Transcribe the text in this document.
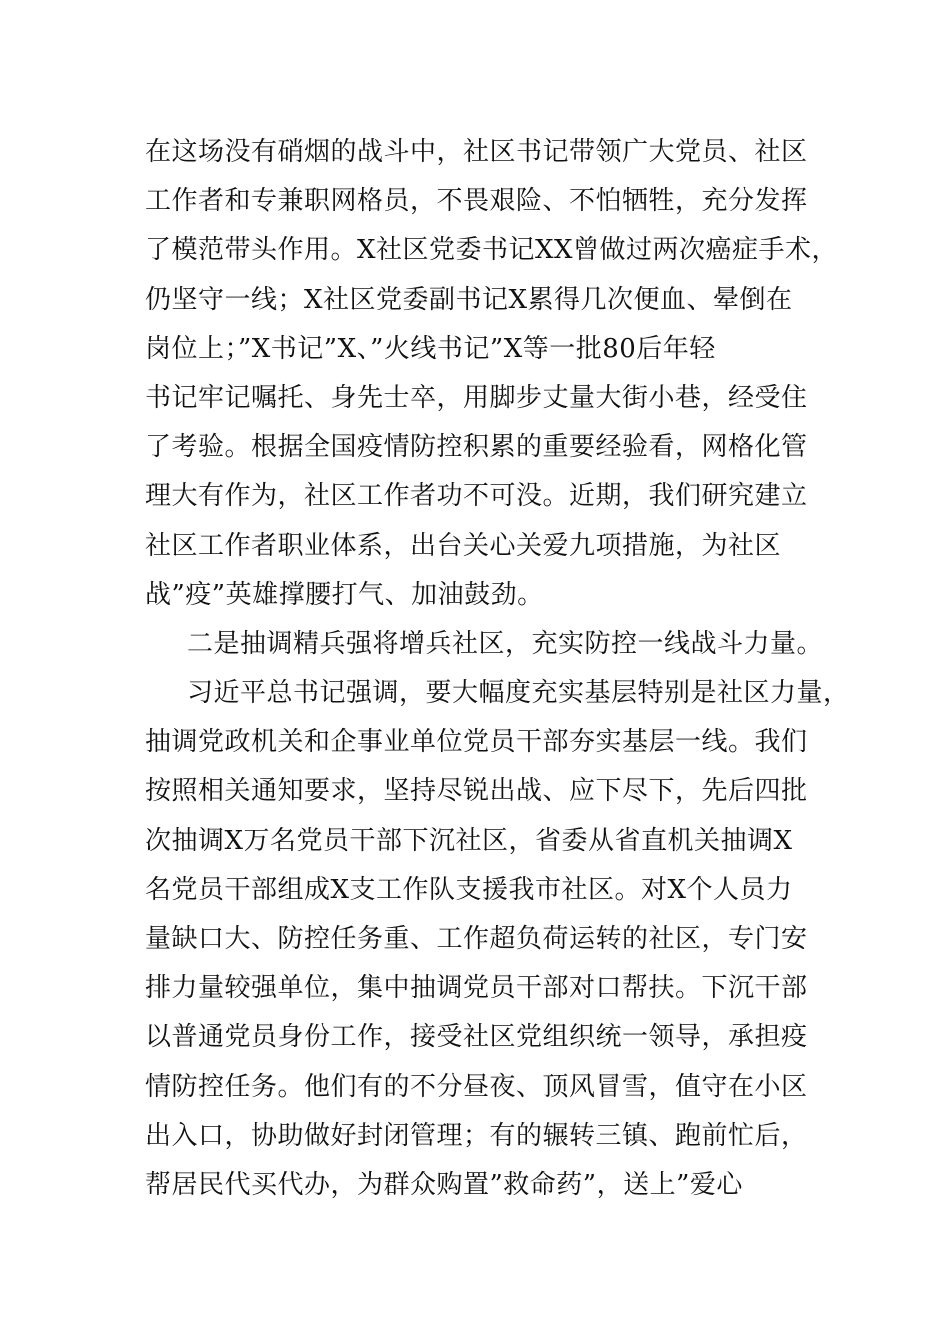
在这场没有硝烟的战斗中，社区书记带领广大党员、社区
工作者和专兼职网格员，不畏艰险、不怕牺牲，充分发挥
了模范带头作用。X社区党委书记XX曾做过两次癌症手术，
仍坚守一线；X社区党委副书记X累得几次便血、晕倒在
岗位上；”X书记”X、”火线书记”X等一批80后年轻
书记牢记嘱托、身先士卒，用脚步丈量大街小巷，经受住
了考验。根据全国疫情防控积累的重要经验看，网格化管
理大有作为，社区工作者功不可没。近期，我们研究建立
社区工作者职业体系，出台关心关爱九项措施，为社区
战”疫”英雄撑腰打气、加油鼓劲。
二是抽调精兵强将增兵社区，充实防控一线战斗力量。
习近平总书记强调，要大幅度充实基层特别是社区力量，
抽调党政机关和企事业单位党员干部夯实基层一线。我们
按照相关通知要求，坚持尽锐出战、应下尽下，先后四批
次抽调X万名党员干部下沉社区，省委从省直机关抽调X
名党员干部组成X支工作队支援我市社区。对X个人员力
量缺口大、防控任务重、工作超负荷运转的社区，专门安
排力量较强单位，集中抽调党员干部对口帮扶。下沉干部
以普通党员身份工作，接受社区党组织统一领导，承担疫
情防控任务。他们有的不分昼夜、顶风冒雪，值守在小区
出入口，协助做好封闭管理；有的辗转三镇、跑前忙后，
帮居民代买代办，为群众购置”救命药”，送上”爱心
